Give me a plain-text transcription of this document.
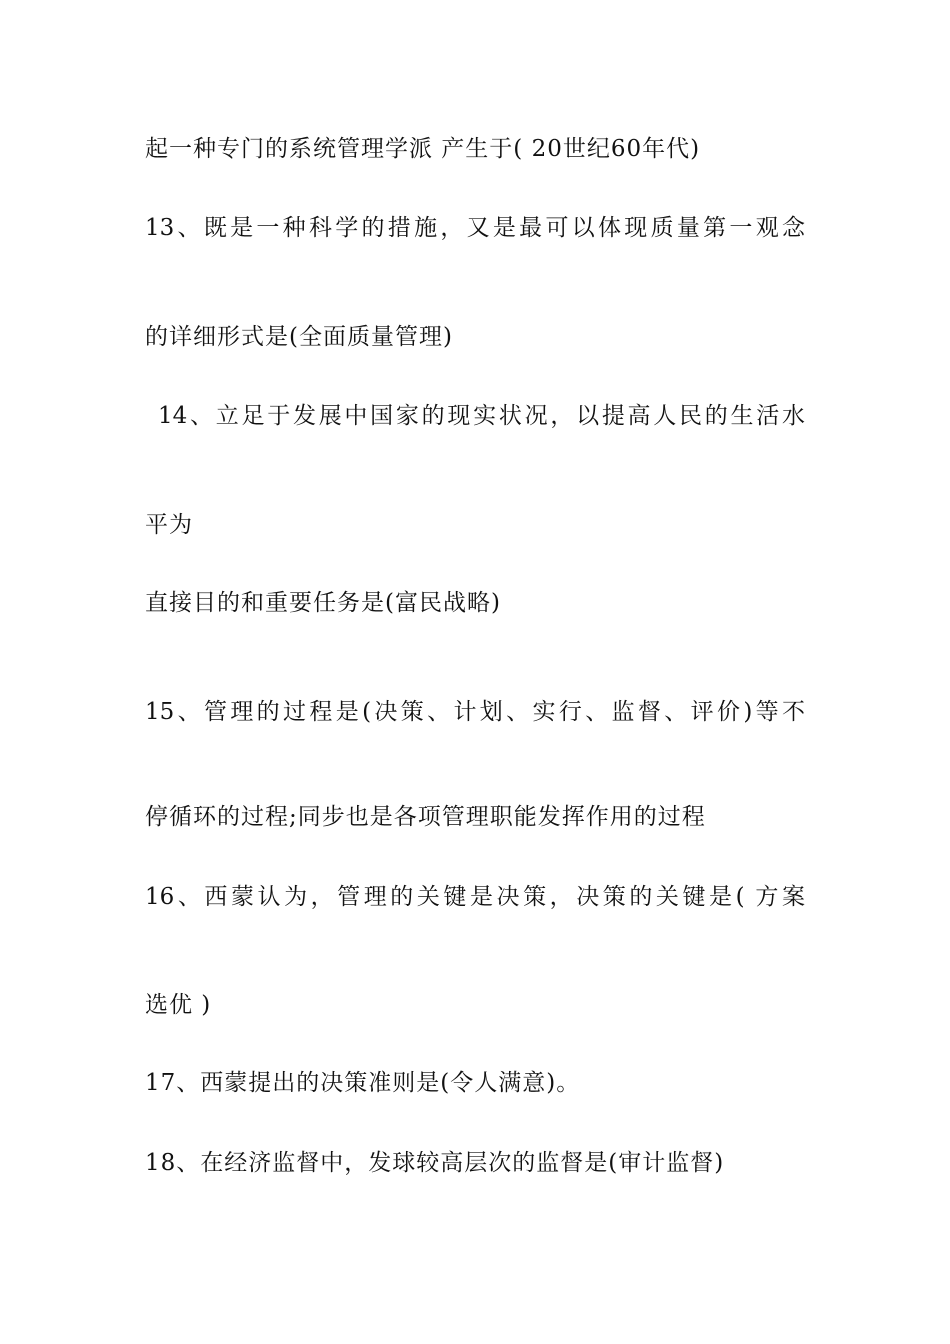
起一种专门的系统管理学派 产生于( 20世纪60年代)
13、既是一种科学的措施，又是最可以体现质量第一观念
的详细形式是(全面质量管理)
14、立足于发展中国家的现实状况，以提高人民的生活水
平为
直接目的和重要任务是(富民战略)
15、管理的过程是(决策、计划、实行、监督、评价)等不
停循环的过程;同步也是各项管理职能发挥作用的过程
16、西蒙认为，管理的关键是决策，决策的关键是( 方案
选优 )
17、西蒙提出的决策准则是(令人满意)。
18、在经济监督中，发球较高层次的监督是(审计监督)
